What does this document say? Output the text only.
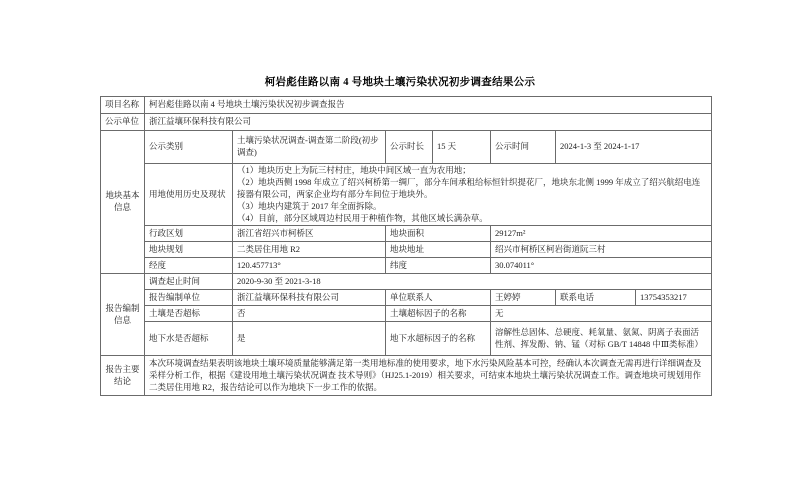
柯岩彪佳路以南 4 号地块土壤污染状况初步调查结果公示
项目名称	柯岩彪佳路以南 4 号地块土壤污染状况初步调查报告						
公示单位	浙江益壤环保科技有限公司						
地块基本信息	公示类别	土壤污染状况调查-调查第二阶段(初步调查)	公示时长	15 天	公示时间	2024-1-3 至 2024-1-17	
	用地使用历史及现状	（1）地块历史上为阮三村村庄，地块中间区域一直为农用地；
（2）地块西侧 1998 年成立了绍兴柯桥第一绸厂，部分车间承租给标恒针织提花厂，地块东北侧 1999 年成立了绍兴航绍电连接器有限公司，两家企业均有部分车间位于地块外。
（3）地块内建筑于 2017 年全面拆除。
（4）目前，部分区域周边村民用于种植作物，其他区域长满杂草。					

	行政区划	浙江省绍兴市柯桥区	地块面积		29127m²		
	地块规划	二类居住用地 R2	地块地址		绍兴市柯桥区柯岩街道阮三村		
	经度	120.457713°	纬度		30.074011°		
报告编制信息	调查起止时间	2020-9-30 至 2021-3-18					
	报告编制单位	浙江益壤环保科技有限公司	单位联系人		王婷婷	联系电话	13754353217
	土壤是否超标	否	土壤超标因子的名称		无		
	地下水是否超标	是	地下水超标因子的名称		溶解性总固体、总硬度、耗氧量、氨氮、阴离子表面活性剂、挥发酚、钠、锰（对标 GB/T 14848 中Ⅲ类标准）		
报告主要结论	本次环境调查结果表明该地块土壤环境质量能够满足第一类用地标准的使用要求，地下水污染风险基本可控，经确认本次调查无需再进行详细调查及采样分析工作，根据《建设用地土壤污染状况调查 技术导则》（HJ25.1-2019）相关要求，可结束本地块土壤污染状况调查工作。调查地块可规划用作二类居住用地 R2，报告结论可以作为地块下一步工作的依据。						
